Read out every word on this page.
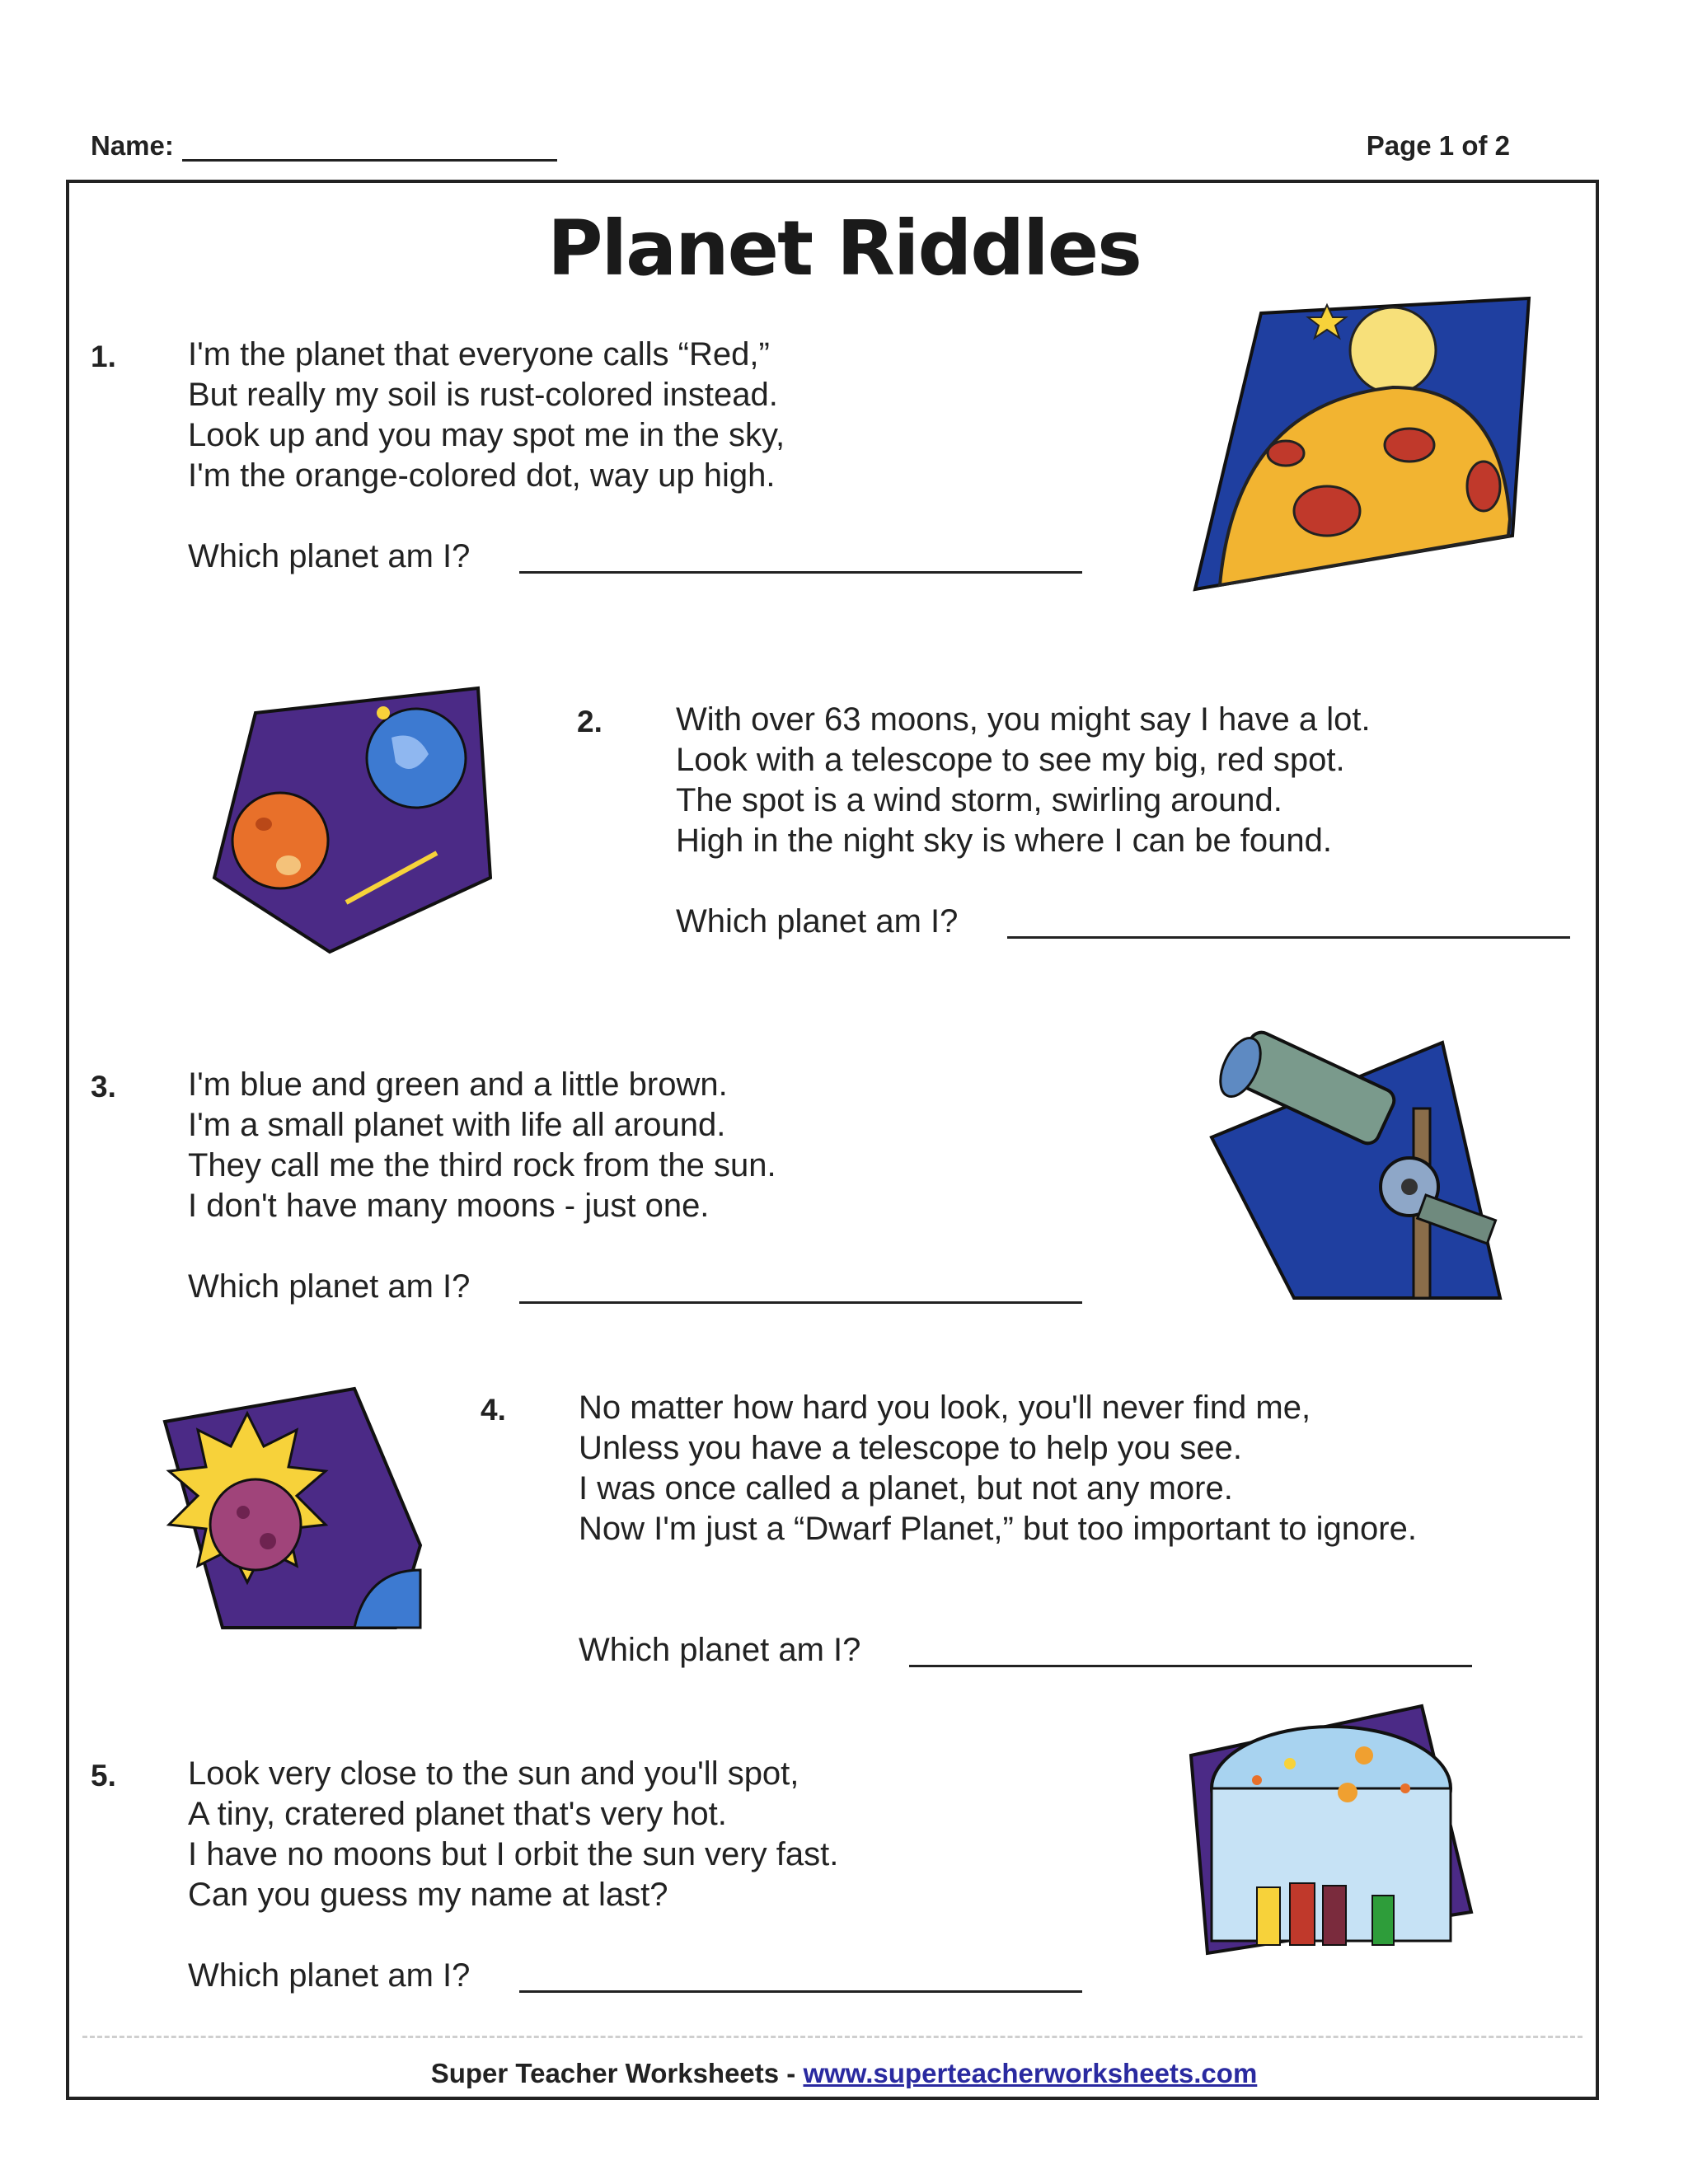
Name:	Page 1 of 2
Planet Riddles
1. I'm the planet that everyone calls “Red,”
But really my soil is rust-colored instead.
Look up and you may spot me in the sky,
I'm the orange-colored dot, way up high.
Which planet am I?
2. With over 63 moons, you might say I have a lot.
Look with a telescope to see my big, red spot.
The spot is a wind storm, swirling around.
High in the night sky is where I can be found.
Which planet am I?
3. I'm blue and green and a little brown.
I'm a small planet with life all around.
They call me the third rock from the sun.
I don't have many moons - just one.
Which planet am I?
4. No matter how hard you look, you'll never find me,
Unless you have a telescope to help you see.
I was once called a planet, but not any more.
Now I'm just a “Dwarf Planet,” but too important to ignore.
Which planet am I?
5. Look very close to the sun and you'll spot,
A tiny, cratered planet that's very hot.
I have no moons but I orbit the sun very fast.
Can you guess my name at last?
Which planet am I?
Super Teacher Worksheets - www.superteacherworksheets.com
